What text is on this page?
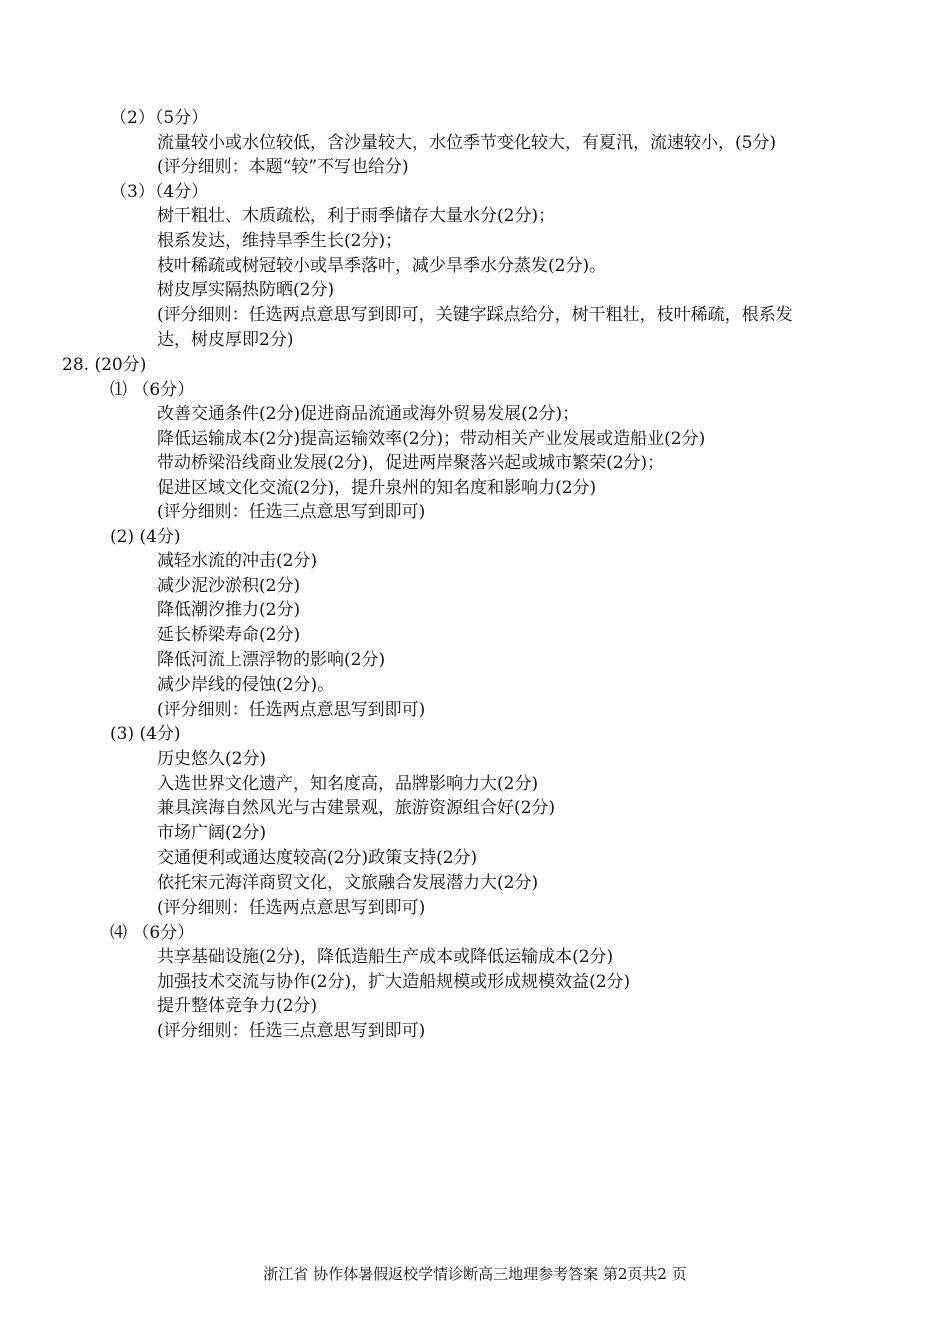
（2）（5分）
流量较小或水位较低，含沙量较大，水位季节变化较大，有夏汛，流速较小，(5分)
(评分细则：本题“较”不写也给分)
（3）（4分）
树干粗壮、木质疏松，利于雨季储存大量水分(2分)；
根系发达，维持旱季生长(2分)；
枝叶稀疏或树冠较小或旱季落叶，减少旱季水分蒸发(2分)。
树皮厚实隔热防晒(2分)
(评分细则：任选两点意思写到即可，关键字踩点给分，树干粗壮，枝叶稀疏，根系发
达，树皮厚即2分)
28. (20分)
⑴ （6分）
改善交通条件(2分)促进商品流通或海外贸易发展(2分)；
降低运输成本(2分)提高运输效率(2分)；带动相关产业发展或造船业(2分)
带动桥梁沿线商业发展(2分)，促进两岸聚落兴起或城市繁荣(2分)；
促进区域文化交流(2分)，提升泉州的知名度和影响力(2分)
(评分细则：任选三点意思写到即可)
(2) (4分)
减轻水流的冲击(2分)
减少泥沙淤积(2分)
降低潮汐推力(2分)
延长桥梁寿命(2分)
降低河流上漂浮物的影响(2分)
减少岸线的侵蚀(2分)。
(评分细则：任选两点意思写到即可)
(3) (4分)
历史悠久(2分)
入选世界文化遗产，知名度高，品牌影响力大(2分)
兼具滨海自然风光与古建景观，旅游资源组合好(2分)
市场广阔(2分)
交通便利或通达度较高(2分)政策支持(2分)
依托宋元海洋商贸文化，文旅融合发展潜力大(2分)
(评分细则：任选两点意思写到即可)
⑷ （6分）
共享基础设施(2分)，降低造船生产成本或降低运输成本(2分)
加强技术交流与协作(2分)，扩大造船规模或形成规模效益(2分)
提升整体竞争力(2分)
(评分细则：任选三点意思写到即可)
浙江省 协作体暑假返校学情诊断高三地理参考答案 第2页共2 页
